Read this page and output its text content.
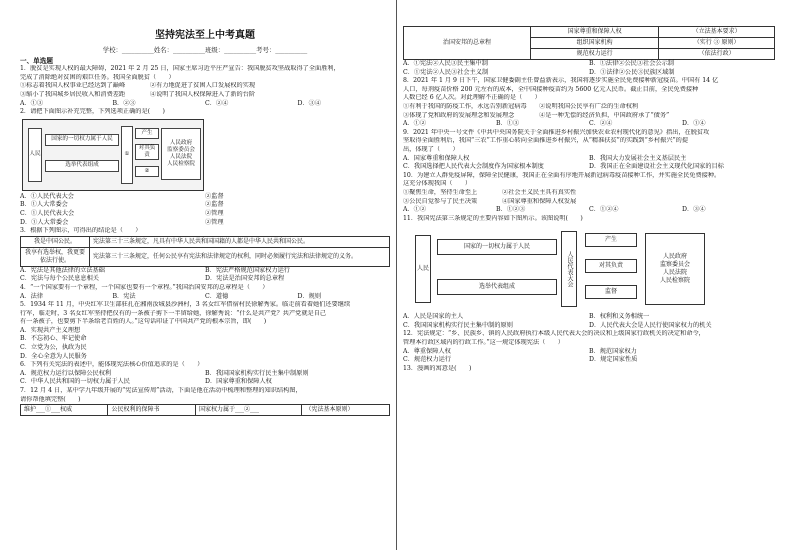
坚持宪法至上中考真题
学校：__________姓名：__________班级：__________考号：__________
一、单选题

1．脱贫是实现人权的最大障碍，2021 年 2 月 25 日，国家主席习近平庄严宣告：我国脱贫攻坚战取得了全面胜利，

完成了消除绝对贫困的艰巨任务。我国全面脱贫（　　）

①标志着我国人权事业已经达到了巅峰　　　　②有力地促进了贫困人口发展权的实现

③缩小了我国城乡居民收入和消费差距　　　　④说明了我国人权保障进入了新的台阶

A．①③	B．②③	C．②④	D．③④

2．请把下面图示补充完整，下列选项正确的是(　　)

人民
国家的一切权力属于人民
选举代表组成
①
产生
对其负责
②
人民政府
监察委员会
人民法院
人民检察院
A．①人民代表大会	②监督
B．①人大常委会	②监督
C．①人民代表大会	②管理
D．①人大常委会	②管理

3．根据下列图示，可得出的结论是（　　）

我是中国公民。	宪法第三十三条规定，凡具有中华人民共和国国籍的人都是中华人民共和国公民。
我享有选举权，我更要依法行使。	宪法第三十三条规定，任何公民享有宪法和法律规定的权利，同时必须履行宪法和法律规定的义务。
A．宪法是其他法律的立法基础	B．宪法严格规范国家权力运行
C．宪法与每个公民息息相关	D．宪法是治国安邦的总章程

4．“一个国家要有一个章程，一个国家也要有一个章程。”我国治国安邦的总章程是（　　）

A．法律	B．宪法	C．道德	D．规则

5．1934 年 11 月，中央红军卫生部驻扎在湘南汝城县沙洲村，3 名女红军借宿村民徐解秀家。临走前看着她们还要继续

行军，临走时，3 名女红军坚持把仅有的一条被子剪下一半留给她，徐解秀说：“什么是共产党？共产党就是自己

有一条被子，也要剪下半条给老百姓的人。”这句话印证了中国共产党的根本宗旨，即(　　)

A．实现共产主义理想

B．不忘初心、牢记使命

C．立党为公，执政为民

D．全心全意为人民服务

6．下列有关宪法的表述中，能体现宪法核心价值追求的是（　　）

A．规范权力运行以保障公民权利	B．我国国家机构实行民主集中制原则
C．中华人民共和国的一切权力属于人民	D．国家尊重和保障人权

7．12 月 4 日，某中学九年级开展的“宪法宣传周”活动，下面是他在活动中梳理和整理的知识结构图，

请你帮他填完整(　　)

维护___①___权威	公民权利的保障书	国家权力属于___②___	（宪法基本原则）
治国安邦的总章程	国家尊重和保障人权	（立法基本要求）
	组织国家机构	（实行 ③ 原则）
	规范权力运行	（依法行政）
A．①宪法②人民③民主集中制	B．①法律②公民③社会公示制
C．①宪法②人民③社会主义制	D．①法律②公民③民族区域制

8．2021 年 1 月 9 日下午，国家卫健委副主任曾益新表示，我国将逐步实施全民免费接种新冠疫苗。中国有 14 亿

人口，每剂疫苗价格 200 元左右的成本，全中国接种疫苗约为 5600 亿元人民币。截止目前，全民免费接种

人数已经 6 亿人次。对此理解不正确的是（　　）

①有利于我国的防疫工作，永远告别新冠病毒　　②说明我国公民享有广泛的生命权利

③体现了党和政府的发展理念和发展理念　　　　④是一种无偿的经济负担，中国政府承了“债务”

A．①②	B．①③	C．②④	D．①④

9．2021 年中央一号文件《中共中央国务院关于全面推进乡村振兴加快农业农村现代化的意见》指出，在脱贫攻

坚取得全面胜利后，我国“三农”工作重心转向全面推进乡村振兴，从“精准扶贫”的实践到“乡村振兴”的提

出，体现了（　　）

A．国家尊重和保障人权	B．我国大力发展社会主义基层民主
C．我国选择把人民代表大会制度作为国家根本制度	D．我国正在全面建设社会主义现代化国家的目标

10．为建立人群免疫屏障，保障全民健康，我国正在全面有序地开展新冠病毒疫苗接种工作，并实施全民免费接种。

这充分体现我国（　　）

①聚焦生命，坚持生命至上　　　　②社会主义民主具有真实性

③公民自觉参与了民主决策　　　　④国家尊重和保障人权发展

A．①②	B．①②③	C．①②④	D．③④

11．我国宪法第三条规定的主要内容如下图所示。该图说明(　　)

人民
国家的一切权力属于人民
选举代表组成	人民代表大会
产生
对其负责
监督
人民政府
监察委员会
人民法院
人民检察院
A．人民是国家的主人	B．权利和义务相统一
C．我国国家机构实行民主集中制的原则	D．人民代表大会是人民行使国家权力的机关

12．宪法规定：“乡、民族乡、镇的人民政府执行本级人民代表大会的决议和上级国家行政机关的决定和命令，

管理本行政区域内的行政工作。”这一规定体现宪法（　　）

A．尊重保障人权	B．规范国家权力
C．规范权力运行	D．规定国家性质

13．漫画的寓意是(　　)
